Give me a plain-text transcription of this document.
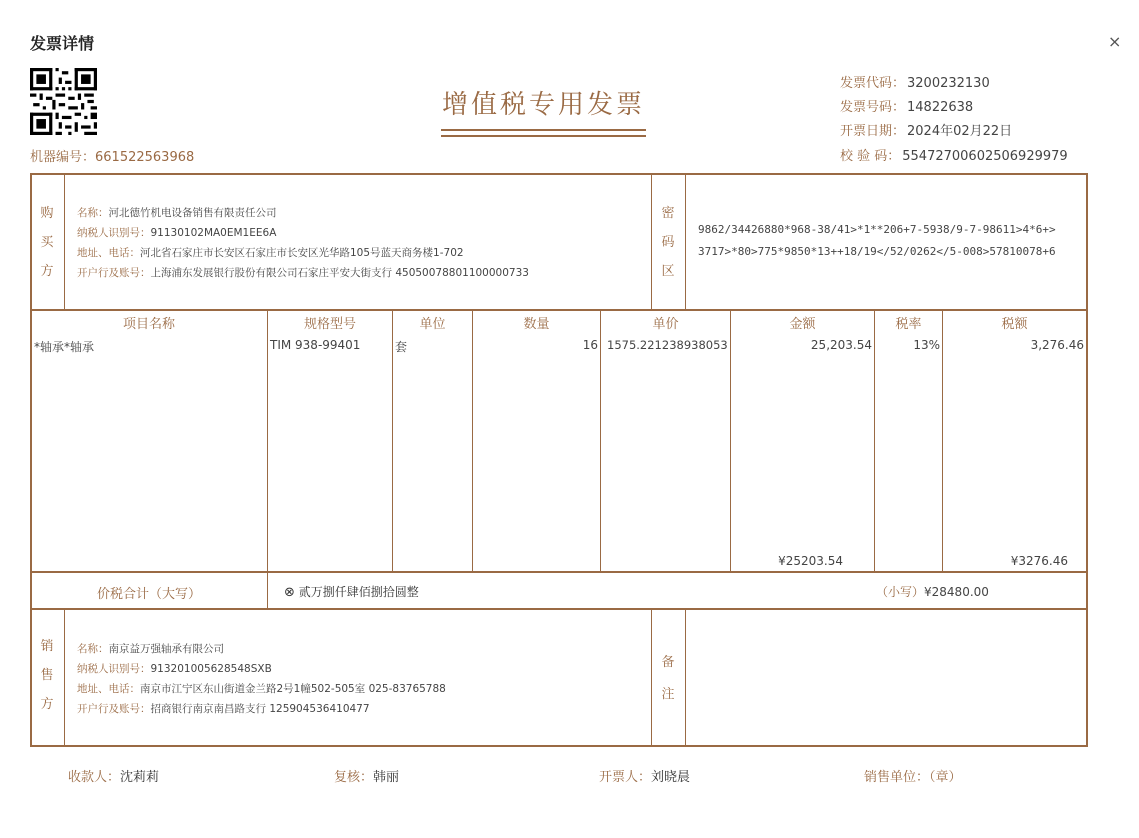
发票详情	×
机器编号：661522563968
增值税专用发票
发票代码： 3200232130
发票号码： 14822638
开票日期： 2024年02月22日
校 验 码： 55472700602506929979
购
买
方
名称：河北德竹机电设备销售有限责任公司
纳税人识别号：91130102MA0EM1EE6A
地址、电话：河北省石家庄市长安区石家庄市长安区光华路105号蓝天商务楼1-702
开户行及账号：上海浦东发展银行股份有限公司石家庄平安大街支行 45050078801100000733
密
码
区
9862/34426880*968-38/41>*1**206+7-5938/9-7-98611>4*6+>
3717>*80>775*9850*13++18/19</52/0262</5-008>57810078+6
项目名称	规格型号	单位	数量	单价	金额	税率	税额
*轴承*轴承	TIM 938-99401	套	16 1575.221238938053	25,203.54	13%	3,276.46
¥25203.54	¥3276.46
价税合计（大写）	⊗ 贰万捌仟肆佰捌拾圆整	（小写）¥28480.00
销
售
方
名称：南京益万强轴承有限公司
纳税人识别号：913201005628548SXB
地址、电话：南京市江宁区东山街道金兰路2号1幢502-505室 025-83765788
开户行及账号：招商银行南京南昌路支行 125904536410477
备
注
收款人：沈莉莉	复核：韩丽	开票人：刘晓晨	销售单位：（章）
